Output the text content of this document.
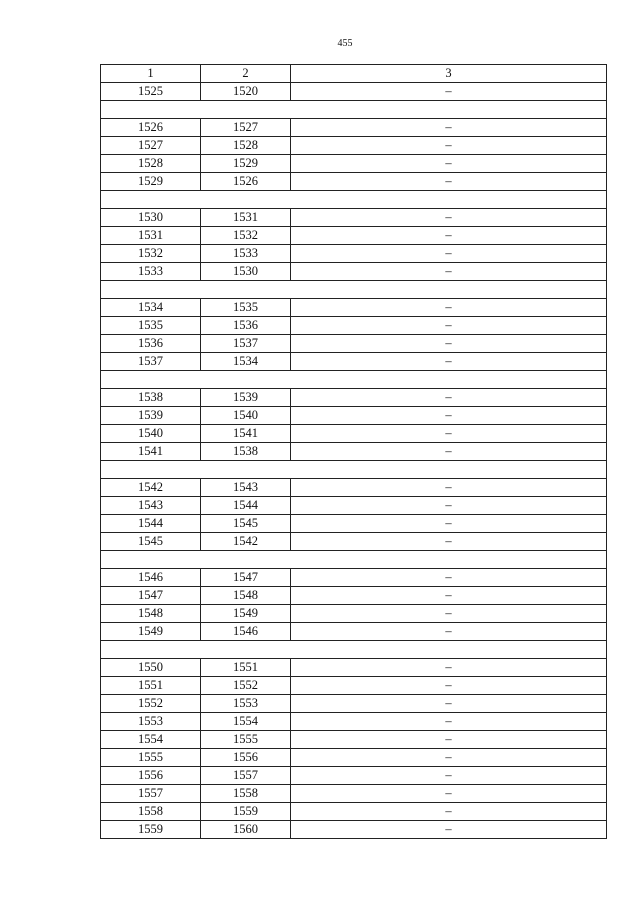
455
1	2	3
1525	1520	–

1526	1527	–
1527	1528	–
1528	1529	–
1529	1526	–

1530	1531	–
1531	1532	–
1532	1533	–
1533	1530	–

1534	1535	–
1535	1536	–
1536	1537	–
1537	1534	–

1538	1539	–
1539	1540	–
1540	1541	–
1541	1538	–

1542	1543	–
1543	1544	–
1544	1545	–
1545	1542	–

1546	1547	–
1547	1548	–
1548	1549	–
1549	1546	–

1550	1551	–
1551	1552	–
1552	1553	–
1553	1554	–
1554	1555	–
1555	1556	–
1556	1557	–
1557	1558	–
1558	1559	–
1559	1560	–
